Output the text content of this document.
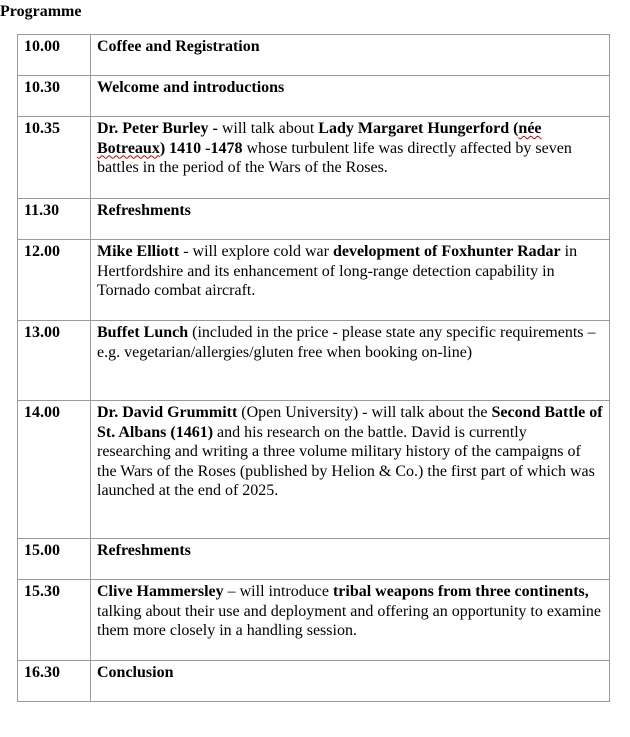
Programme
10.00	Coffee and Registration
10.30	Welcome and introductions
10.35	Dr. Peter Burley - will talk about Lady Margaret Hungerford (née Botreaux) 1410 -1478 whose turbulent life was directly affected by seven battles in the period of the Wars of the Roses.
11.30	Refreshments
12.00	Mike Elliott - will explore cold war development of Foxhunter Radar in Hertfordshire and its enhancement of long-range detection capability in Tornado combat aircraft.
13.00	Buffet Lunch (included in the price - please state any specific requirements – e.g. vegetarian/allergies/gluten free when booking on-line)
14.00	Dr. David Grummitt (Open University) - will talk about the Second Battle of St. Albans (1461) and his research on the battle. David is currently researching and writing a three volume military history of the campaigns of the Wars of the Roses (published by Helion & Co.) the first part of which was launched at the end of 2025.
15.00	Refreshments
15.30	Clive Hammersley – will introduce tribal weapons from three continents, talking about their use and deployment and offering an opportunity to examine them more closely in a handling session.
16.30	Conclusion
